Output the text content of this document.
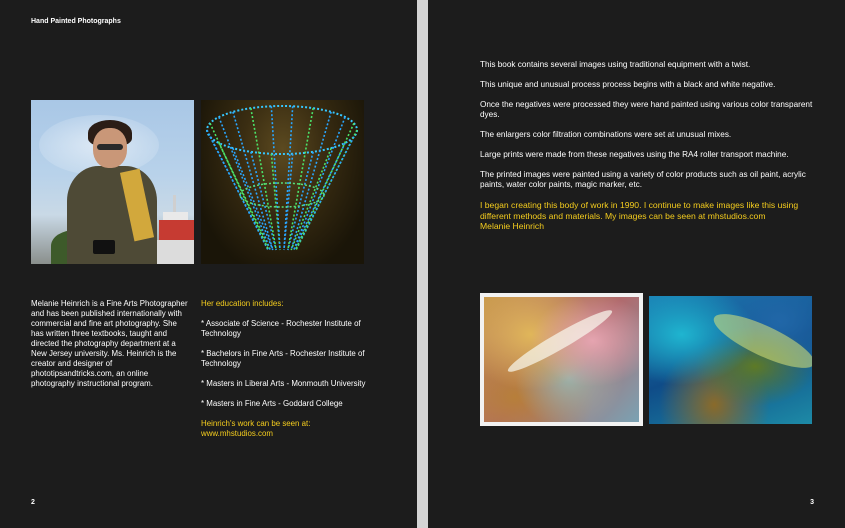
Hand Painted Photographs
Melanie Heinrich is a Fine Arts Photographer and has been published internationally with commercial and fine art photography. She has written three textbooks, taught and directed the photography department at a New Jersey university. Ms. Heinrich is the creator and designer of phototipsandtricks.com, an online photography instructional program.
Her education includes:
* Associate of Science - Rochester Institute of Technology
* Bachelors in Fine Arts - Rochester Institute of Technology
* Masters in Liberal Arts - Monmouth University
* Masters in Fine Arts - Goddard College
Heinrich's work can be seen at: www.mhstudios.com
2

This book contains several images using traditional equipment with a twist.

This unique and unusual process process begins with a black and white negative.

Once the negatives were processed they were hand painted using various color transparent dyes.

The enlargers color filtration combinations were set at unusual mixes.

Large prints were made from these negatives using the RA4 roller transport machine.

The printed images were painted using a variety of color products such as oil paint, acrylic paints, water color paints, magic marker, etc.

I began creating this body of work in 1990. I continue to make images like this using
different methods and materials. My images can be seen at mhstudios.com
Melanie Heinrich
3
